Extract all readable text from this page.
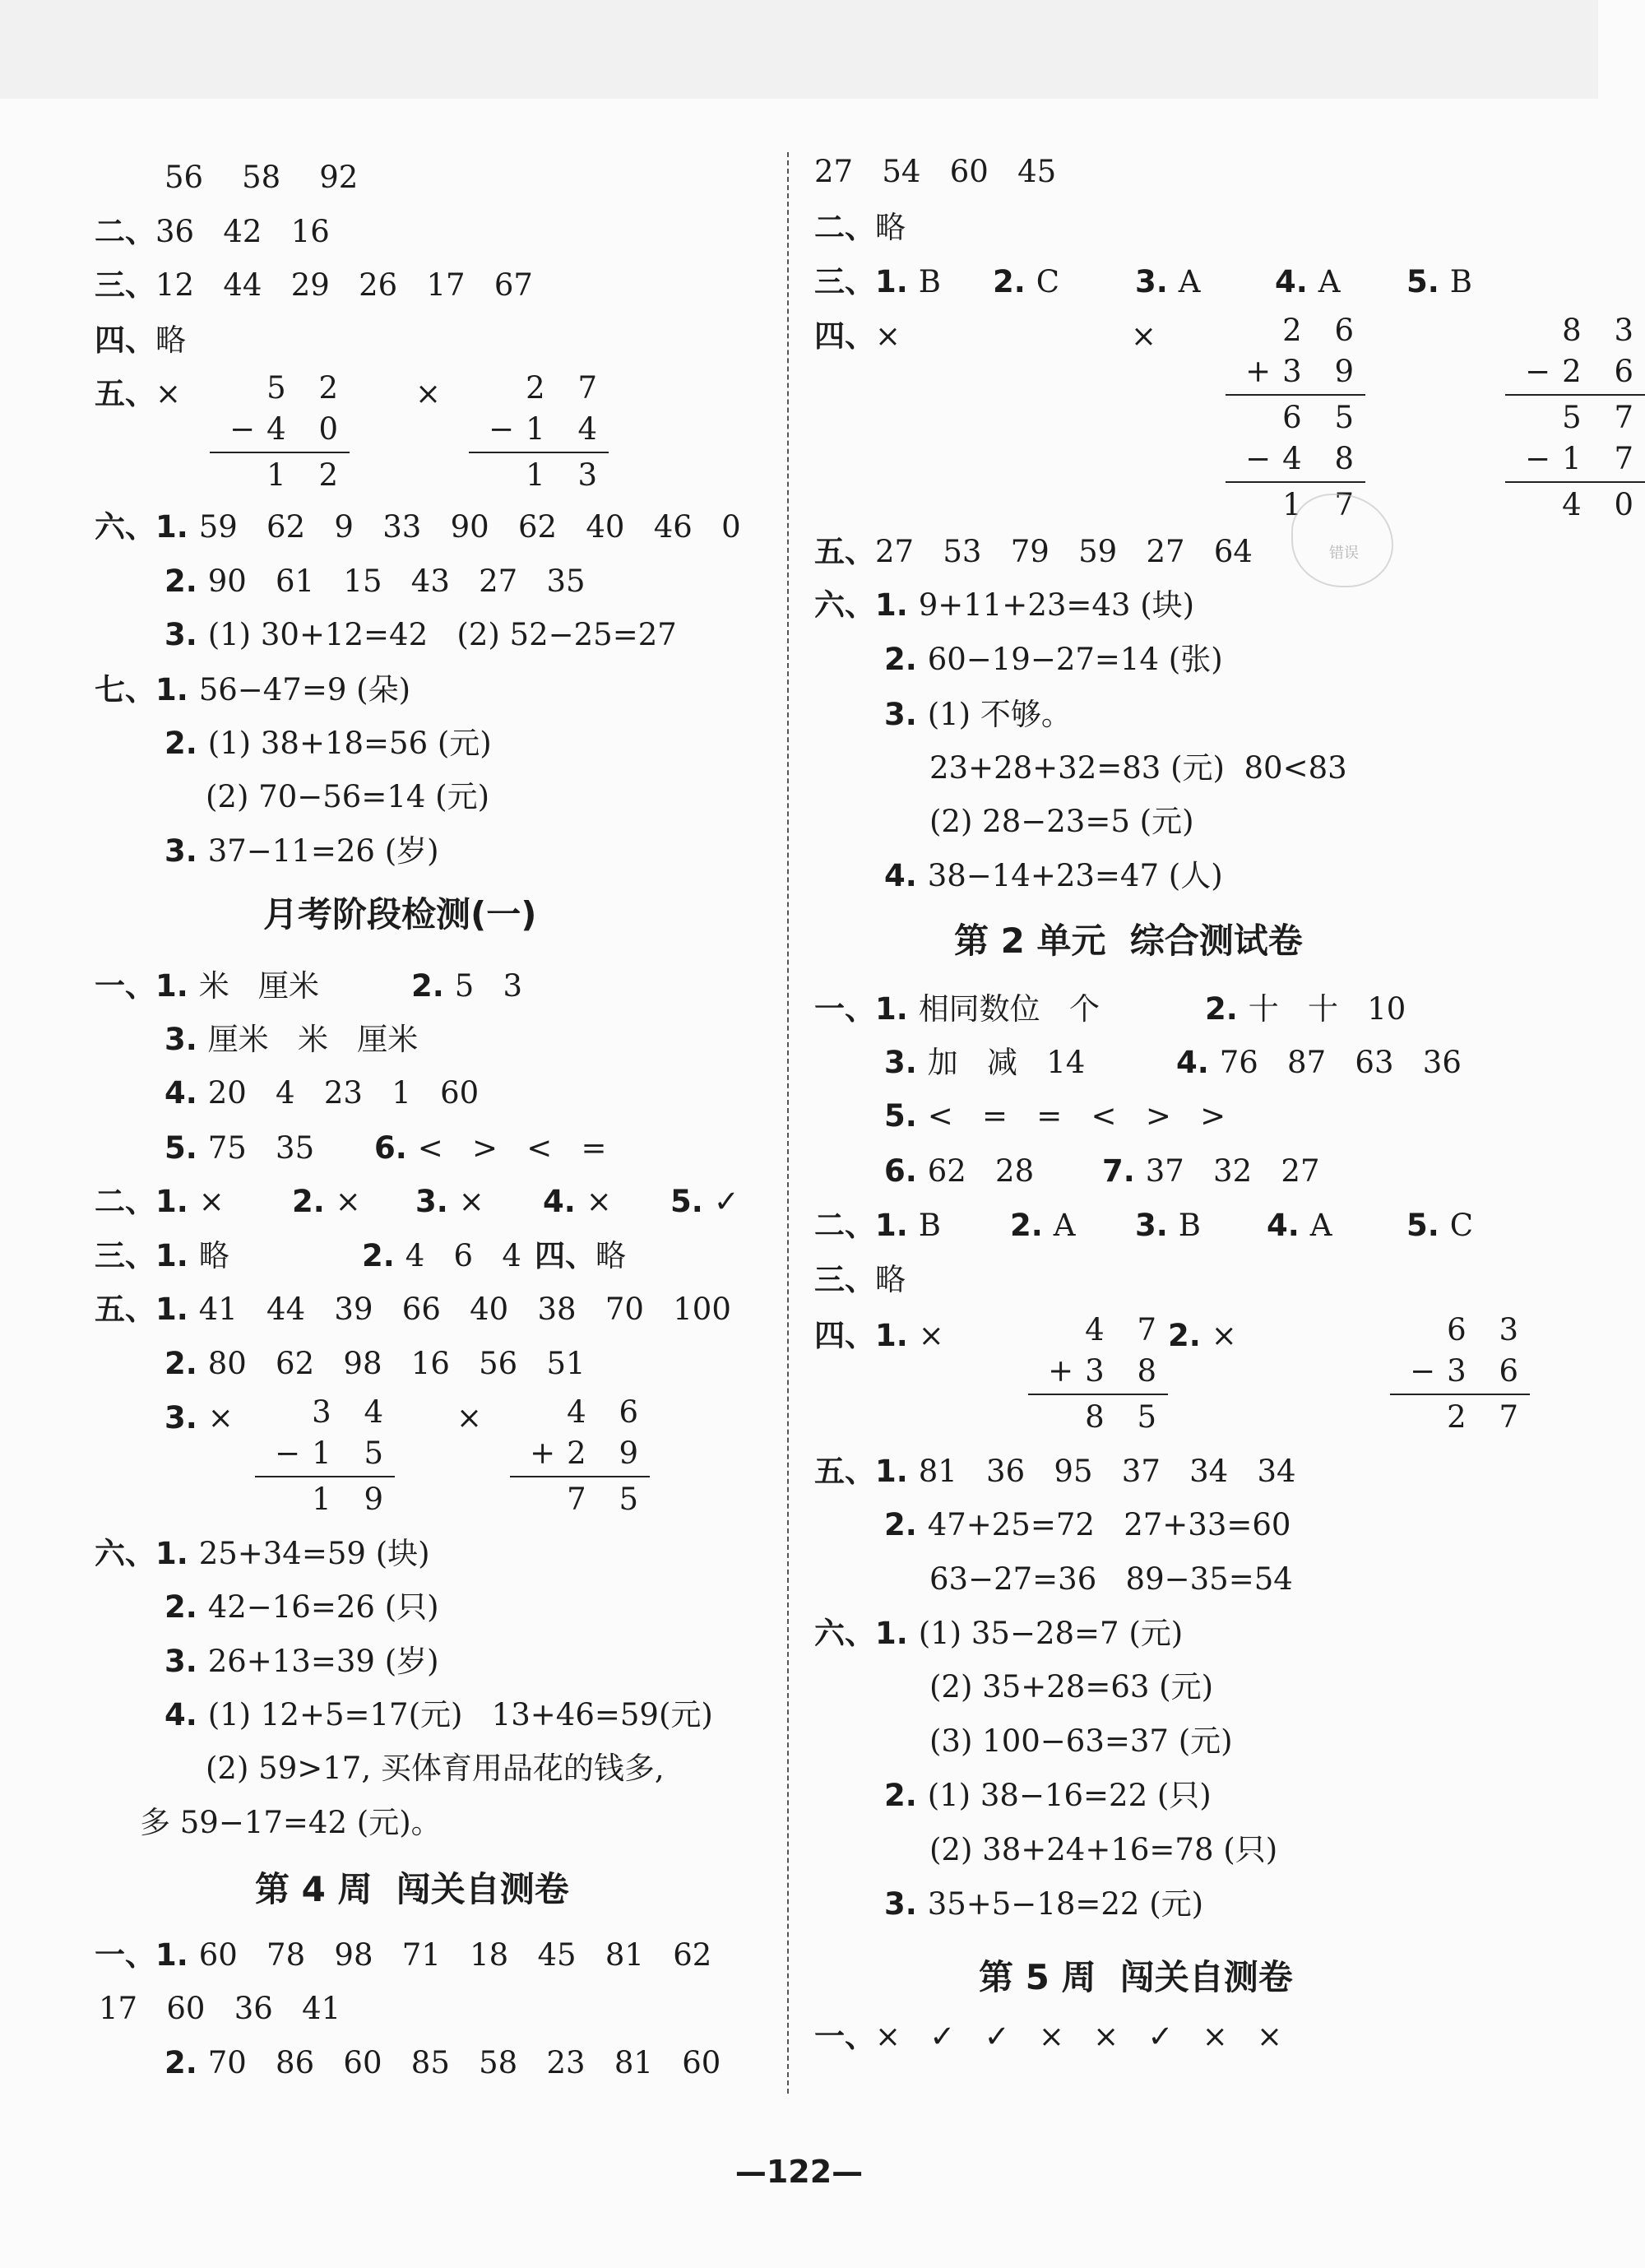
56    58    92
二、36   42   16
三、12   44   29   26   17   67
四、略
五、×	×
六、1. 59   62   9   33   90   62   40   46   0
2. 90   61   15   43   27   35
3. (1) 30+12=42   (2) 52−25=27
七、1. 56−47=9 (朵)
2. (1) 38+18=56 (元)
(2) 70−56=14 (元)
3. 37−11=26 (岁)
一、1. 米   厘米	2. 5   3
3. 厘米   米   厘米
4. 20   4   23   1   60
5. 75   35 6. <   >   <   =
二、1. × 2. × 3. × 4. × 5. ✓
三、1. 略	2. 4   6   4 四、略
五、1. 41   44   39   66   40   38   70   100
2. 80   62   98   16   56   51
3. ×	×
六、1. 25+34=59 (块)
2. 42−16=26 (只)
3. 26+13=39 (岁)
4. (1) 12+5=17(元)   13+46=59(元)
(2) 59>17, 买体育用品花的钱多,
多 59−17=42 (元)。
一、1. 60   78   98   71   18   45   81   62
17   60   36   41
2. 70   86   60   85   58   23   81   60
月考阶段检测(一)
第 4 周  闯关自测卷
5 2
−4 0
1 2
2 7
−1 4
1 3
3 4
−1 5
1 9
4 6
+2 9
7 5
27   54   60   45
二、略
三、1. B 2. C 3. A 4. A 5. B
四、×	×
五、27   53   79   59   27   64
六、1. 9+11+23=43 (块)
2. 60−19−27=14 (张)
3. (1) 不够。
23+28+32=83 (元)  80<83
(2) 28−23=5 (元)
4. 38−14+23=47 (人)
一、1. 相同数位   个	2. 十   十   10
3. 加   减   14	4. 76   87   63   36
5. <   =   =   <   >   >
6. 62   28 7. 37   32   27
二、1. B 2. A 3. B 4. A 5. C
三、略
四、1. ×	2. ×
五、1. 81   36   95   37   34   34
2. 47+25=72   27+33=60
63−27=36   89−35=54
六、1. (1) 35−28=7 (元)
(2) 35+28=63 (元)
(3) 100−63=37 (元)
2. (1) 38−16=22 (只)
(2) 38+24+16=78 (只)
3. 35+5−18=22 (元)
一、×   ✓   ✓   ×   ×   ✓   ×   ×
第 2 单元  综合测试卷
第 5 周  闯关自测卷
2 6
+3 9
6 5
−4 8
1 7
8 3
−2 6
5 7
−1 7
4 0
4 7
+3 8
8 5
6 3
−3 6
2 7
错误
—122—
